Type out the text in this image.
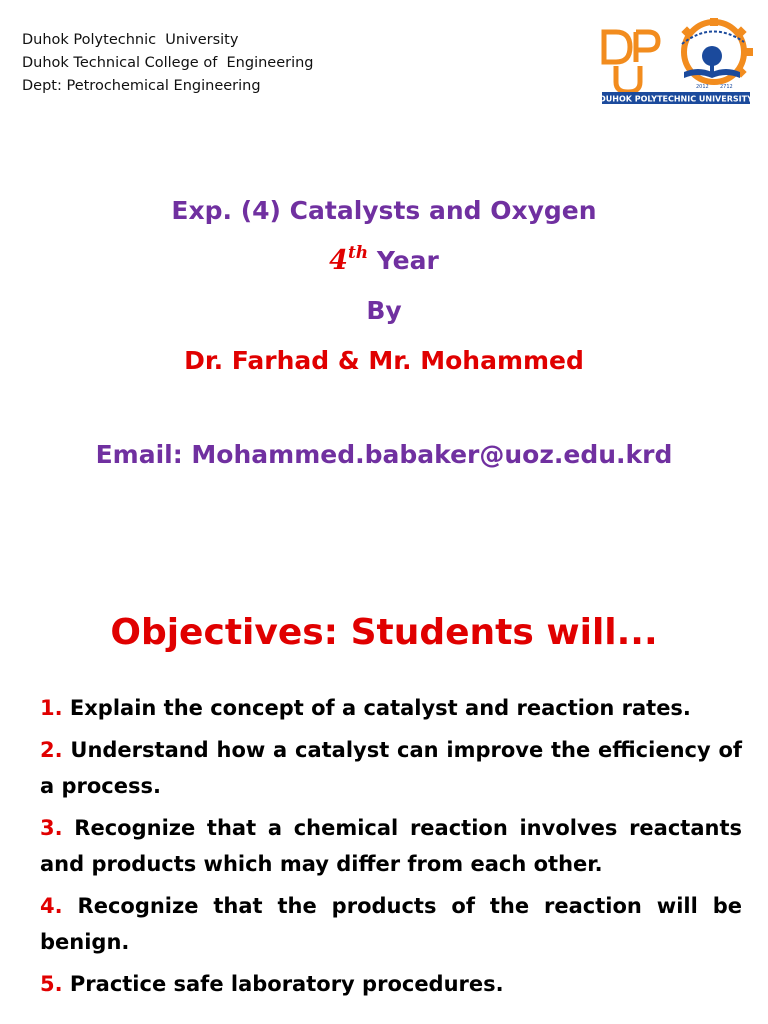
Duhok Polytechnic  University
Duhok Technical College of  Engineering
Dept: Petrochemical Engineering	2012 2712
DUHOK POLYTECHNIC UNIVERSITY
Exp. (4) Catalysts and Oxygen
4th Year
By
Dr. Farhad & Mr. Mohammed
Email: Mohammed.babaker@uoz.edu.krd
Objectives: Students will...
1. Explain the concept of a catalyst and reaction rates.
2. Understand how a catalyst can improve the efficiency of a process.
3. Recognize that a chemical reaction involves reactants and products which may differ from each other.
4. Recognize that the products of the reaction will be benign.
5. Practice safe laboratory procedures.
